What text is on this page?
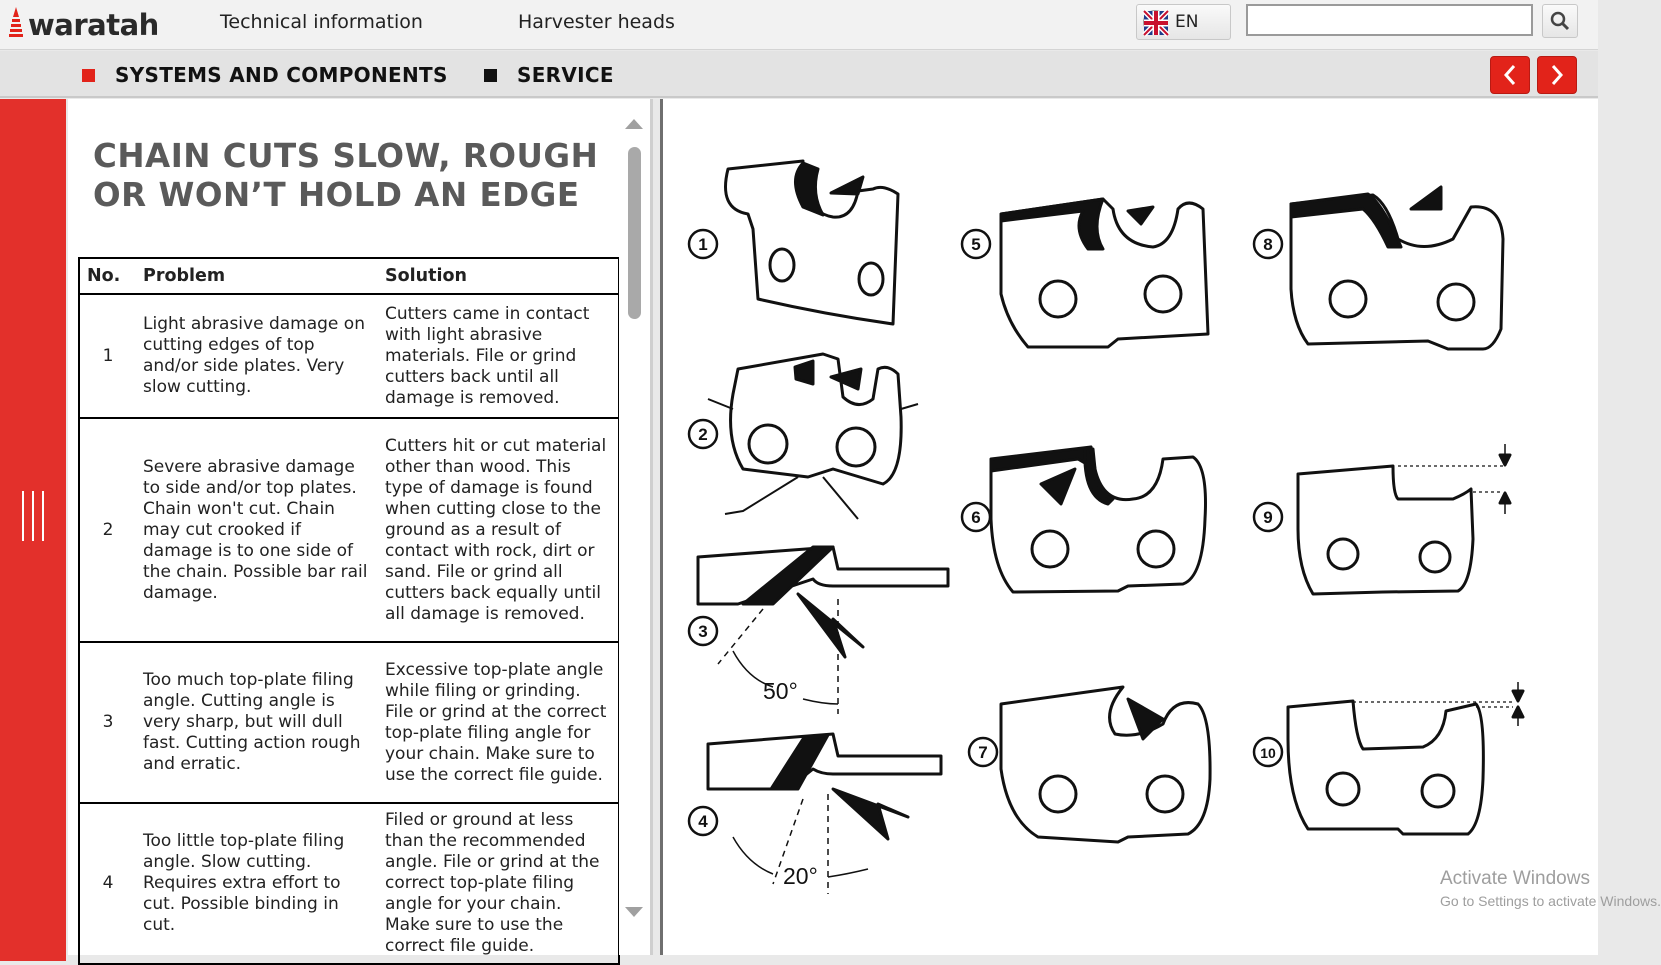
waratah	Technical information	Harvester heads	EN
SYSTEMS AND COMPONENTS	SERVICE
CHAIN CUTS SLOW, ROUGH
OR WON’T HOLD AN EDGE
No.	Problem	Solution
1	Light abrasive damage on cutting edges of top and/or side plates. Very slow cutting.	Cutters came in contact with light abrasive materials. File or grind cutters back until all damage is removed.
2	Severe abrasive damage to side and/or top plates. Chain won't cut. Chain may cut crooked if damage is to one side of the chain. Possible bar rail damage.	Cutters hit or cut material other than wood. This type of damage is found when cutting close to the ground as a result of contact with rock, dirt or sand. File or grind all cutters back equally until all damage is removed.
3	Too much top-plate filing angle. Cutting angle is very sharp, but will dull fast. Cutting action rough and erratic.	Excessive top-plate angle while filing or grinding. File or grind at the correct top-plate filing angle for your chain. Make sure to use the correct file guide.
4	Too little top-plate filing angle. Slow cutting. Requires extra effort to cut. Possible binding in cut.	Filed or ground at less than the recommended angle. File or grind at the correct top-plate filing angle for your chain. Make sure to use the correct file guide.
1
2
3
4
5
6
7
8
9
10
50°
20°	Activate Windows
Go to Settings to activate Windows.
